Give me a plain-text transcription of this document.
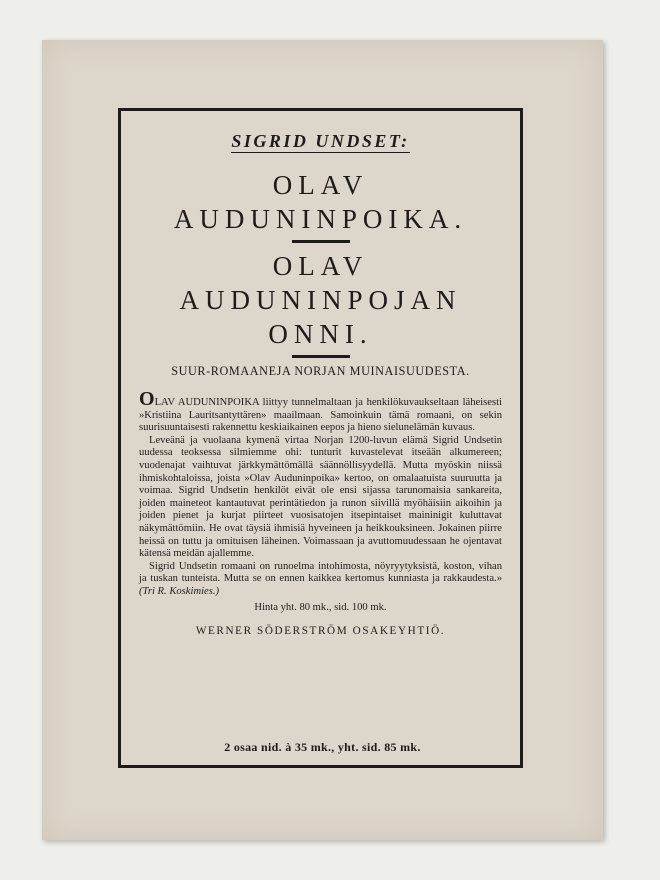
SIGRID UNDSET:
OLAV
AUDUNINPOIKA.
OLAV
AUDUNINPOJAN
ONNI.
SUUR-ROMAANEJA NORJAN MUINAISUUDESTA.

OLAV AUDUNINPOIKA liittyy tunnelmaltaan ja henkilökuvaukseltaan läheisesti »Kristiina Lauritsantyttären» maailmaan. Samoinkuin tämä romaani, on sekin suurisuuntaisesti rakennettu keskiaikainen eepos ja hieno sielunelämän kuvaus.

Leveänä ja vuolaana kymenä virtaa Norjan 1200-luvun elämä Sigrid Undsetin uudessa teoksessa silmiemme ohi: tunturit kuvastelevat itseään alkumereen; vuodenajat vaihtuvat järkkymättömällä säännöllisyydellä. Mutta myöskin niissä ihmiskohtaloissa, joista »Olav Auduninpoika» kertoo, on omalaatuista suuruutta ja voimaa. Sigrid Undsetin henkilöt eivät ole ensi sijassa tarunomaisia sankareita, joiden maineteot kantautuvat perintätiedon ja runon siivillä myöhäisiin aikoihin ja joiden pienet ja kurjat piirteet vuosisatojen itsepintaiset maininigit kuluttavat näkymättömiin. He ovat täysiä ihmisiä hyveineen ja heikkouksineen. Jokainen piirre heissä on tuttu ja omituisen läheinen. Voimassaan ja avuttomuudessaan he ojentavat kätensä meidän ajallemme.

Sigrid Undsetin romaani on runoelma intohimosta, nöyryytyksistä, koston, vihan ja tuskan tunteista. Mutta se on ennen kaikkea kertomus kunniasta ja rakkaudesta.» (Tri R. Koskimies.)

Hinta yht. 80 mk., sid. 100 mk.
WERNER SÖDERSTRÖM OSAKEYHTIÖ.
2 osaa nid. à 35 mk., yht. sid. 85 mk.
